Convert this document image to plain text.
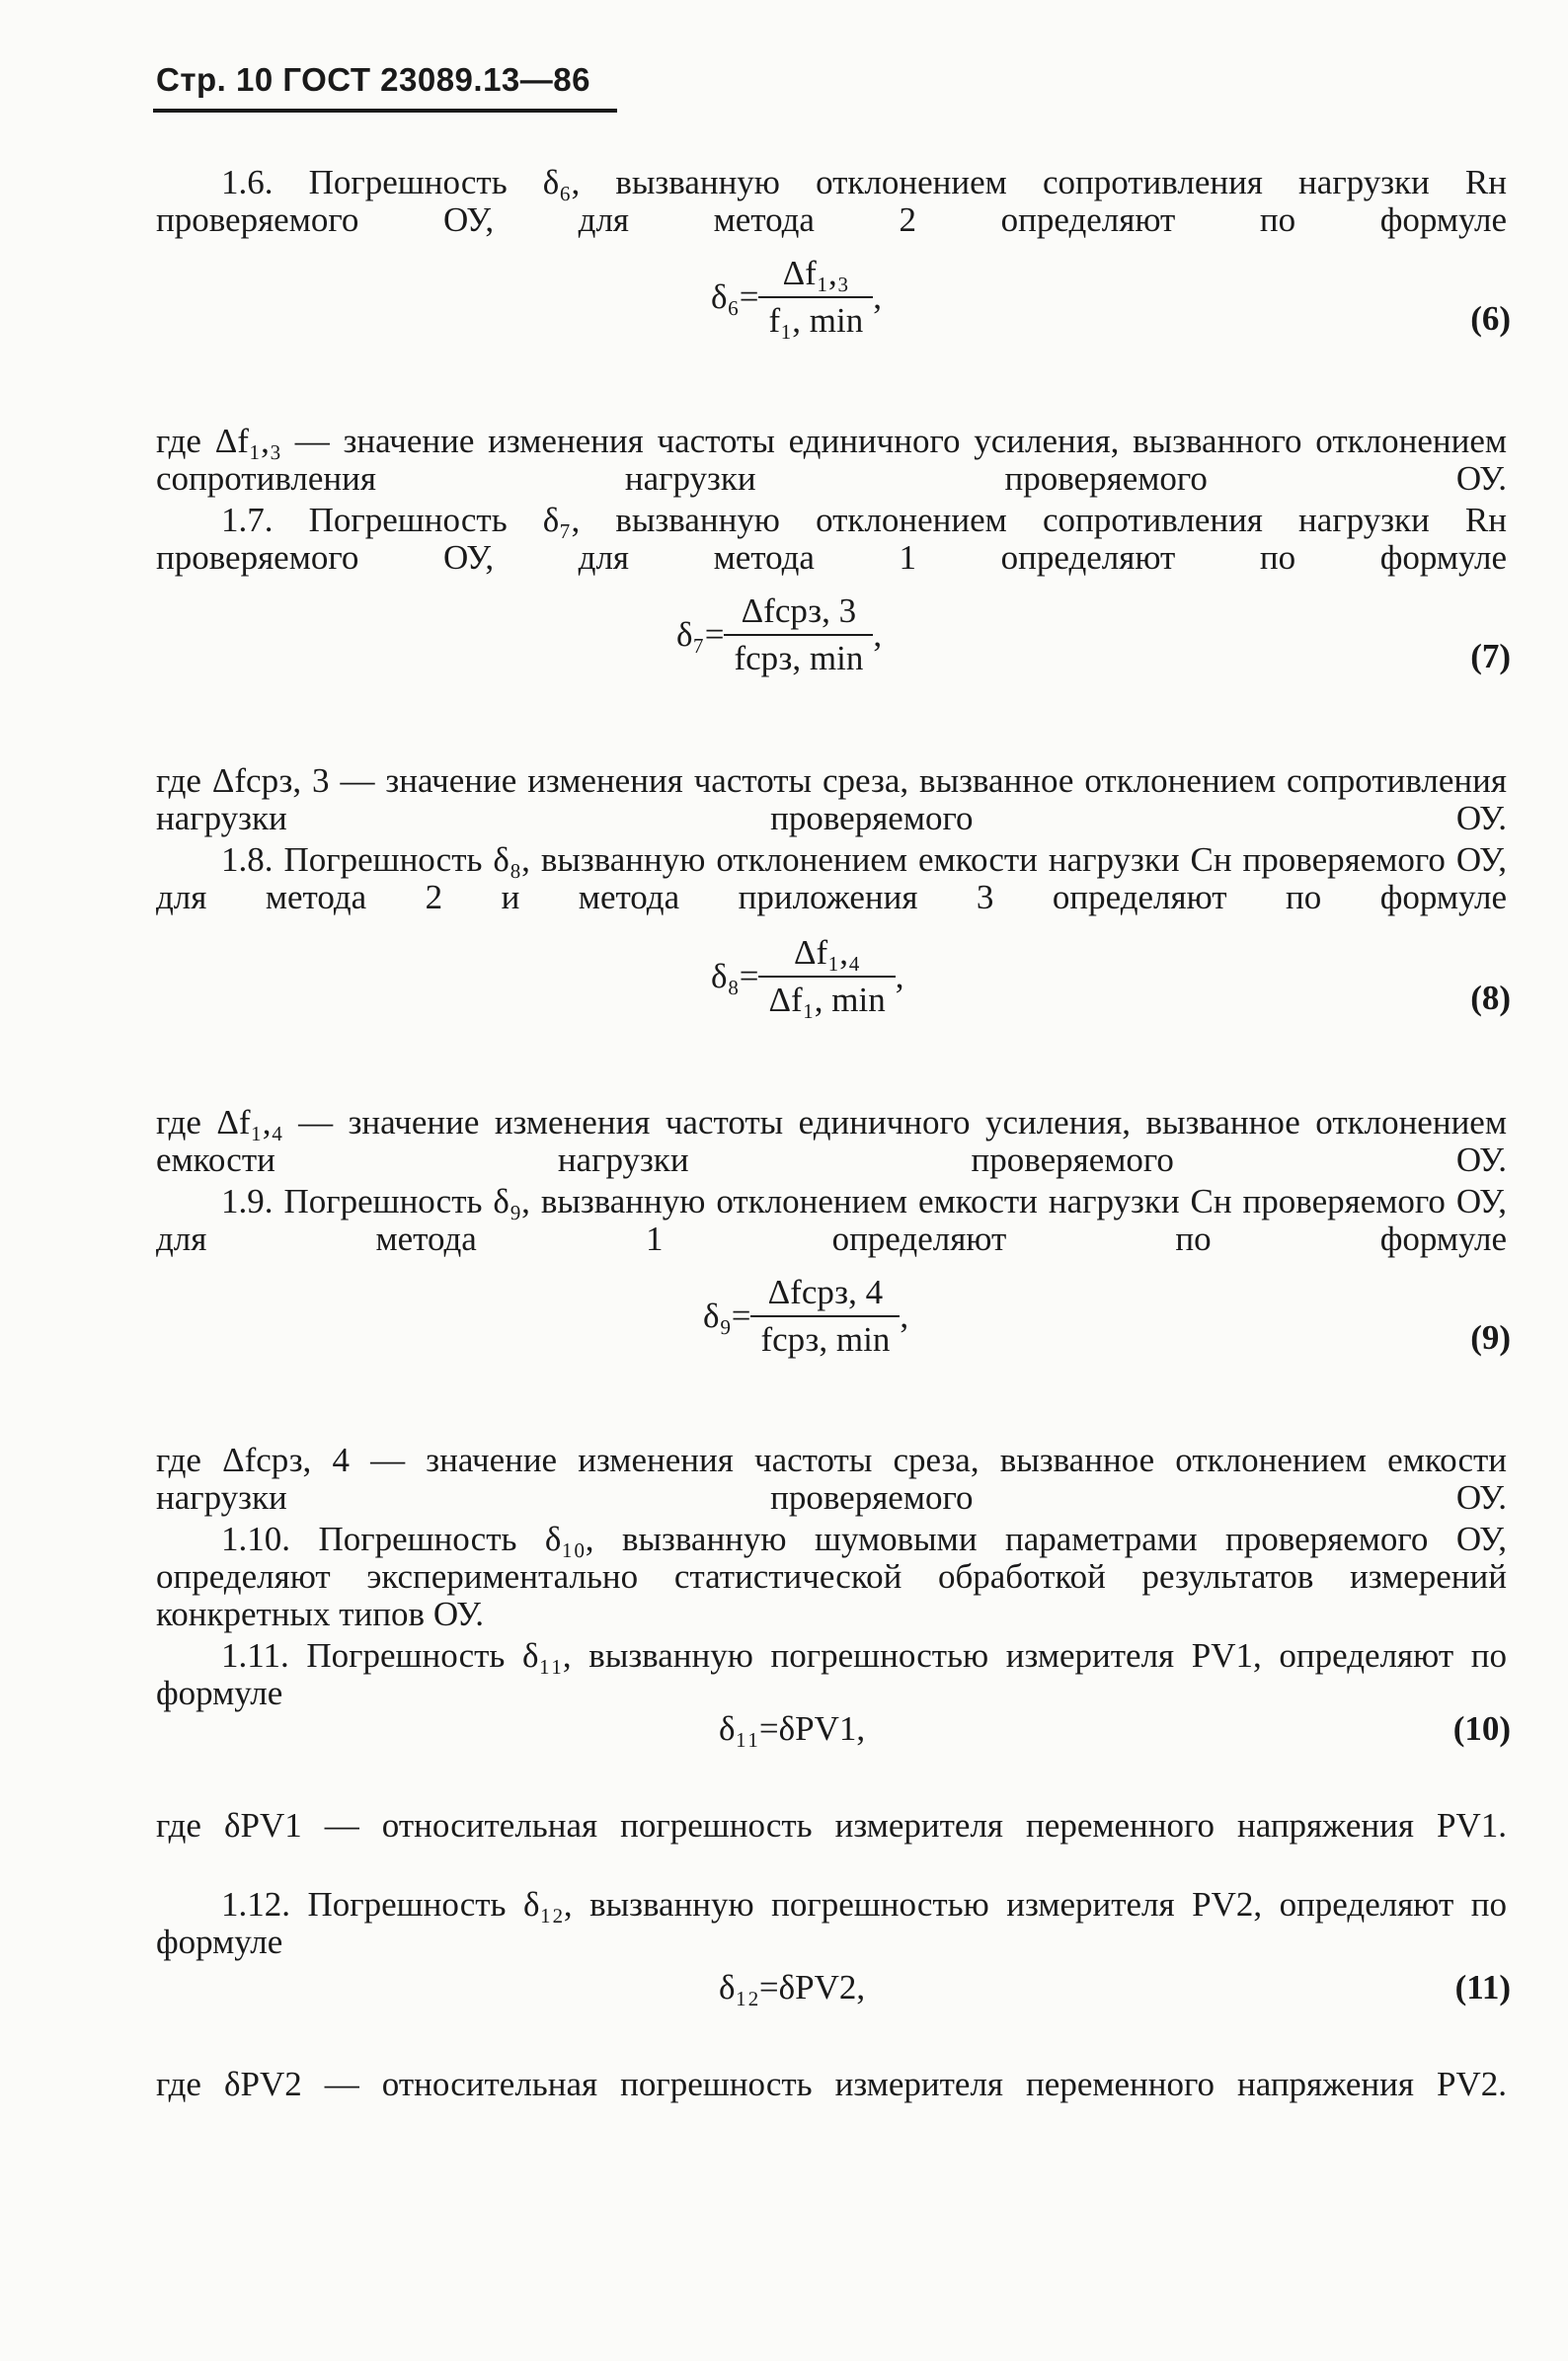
Стр. 10 ГОСТ 23089.13—86
1.6. Погрешность δ₆, вызванную отклонением сопротивления нагрузки Rн проверяемого ОУ, для метода 2 определяют по формуле
$\delta_6= \frac{\text{Δf₁,₃}}{\text{f₁, min}}$ ,
(6)
где Δf₁,₃ — значение изменения частоты единичного усиления, вызванного отклонением сопротивления нагрузки проверяемого ОУ.
1.7. Погрешность δ₇, вызванную отклонением сопротивления нагрузки Rн проверяемого ОУ, для метода 1 определяют по формуле
$\delta_7= \frac{\text{Δfсрз, 3}}{\text{fсрз, min}}$ ,
(7)
где Δfсрз, 3 — значение изменения частоты среза, вызванное отклонением сопротивления нагрузки проверяемого ОУ.
1.8. Погрешность δ₈, вызванную отклонением емкости нагрузки Cн проверяемого ОУ, для метода 2 и метода приложения 3 определяют по формуле
$\delta_8= \frac{\text{Δf₁,₄}}{\text{Δf₁, min}}$ ,
(8)
где Δf₁,₄ — значение изменения частоты единичного усиления, вызванное отклонением емкости нагрузки проверяемого ОУ.
1.9. Погрешность δ₉, вызванную отклонением емкости нагрузки Cн проверяемого ОУ, для метода 1 определяют по формуле
$\delta_9= \frac{\text{Δfсрз, 4}}{\text{fсрз, min}}$ ,
(9)
где Δfсрз, 4 — значение изменения частоты среза, вызванное отклонением емкости нагрузки проверяемого ОУ.
1.10. Погрешность δ₁₀, вызванную шумовыми параметрами проверяемого ОУ, определяют экспериментально статистической обработкой результатов измерений конкретных типов ОУ.
1.11. Погрешность δ₁₁, вызванную погрешностью измерителя PV1, определяют по формуле
δ₁₁=δPV1,	(10)
где δPV1 — относительная погрешность измерителя переменного напряжения PV1.
1.12. Погрешность δ₁₂, вызванную погрешностью измерителя PV2, определяют по формуле
δ₁₂=δPV2,	(11)
где δPV2 — относительная погрешность измерителя переменного напряжения PV2.
